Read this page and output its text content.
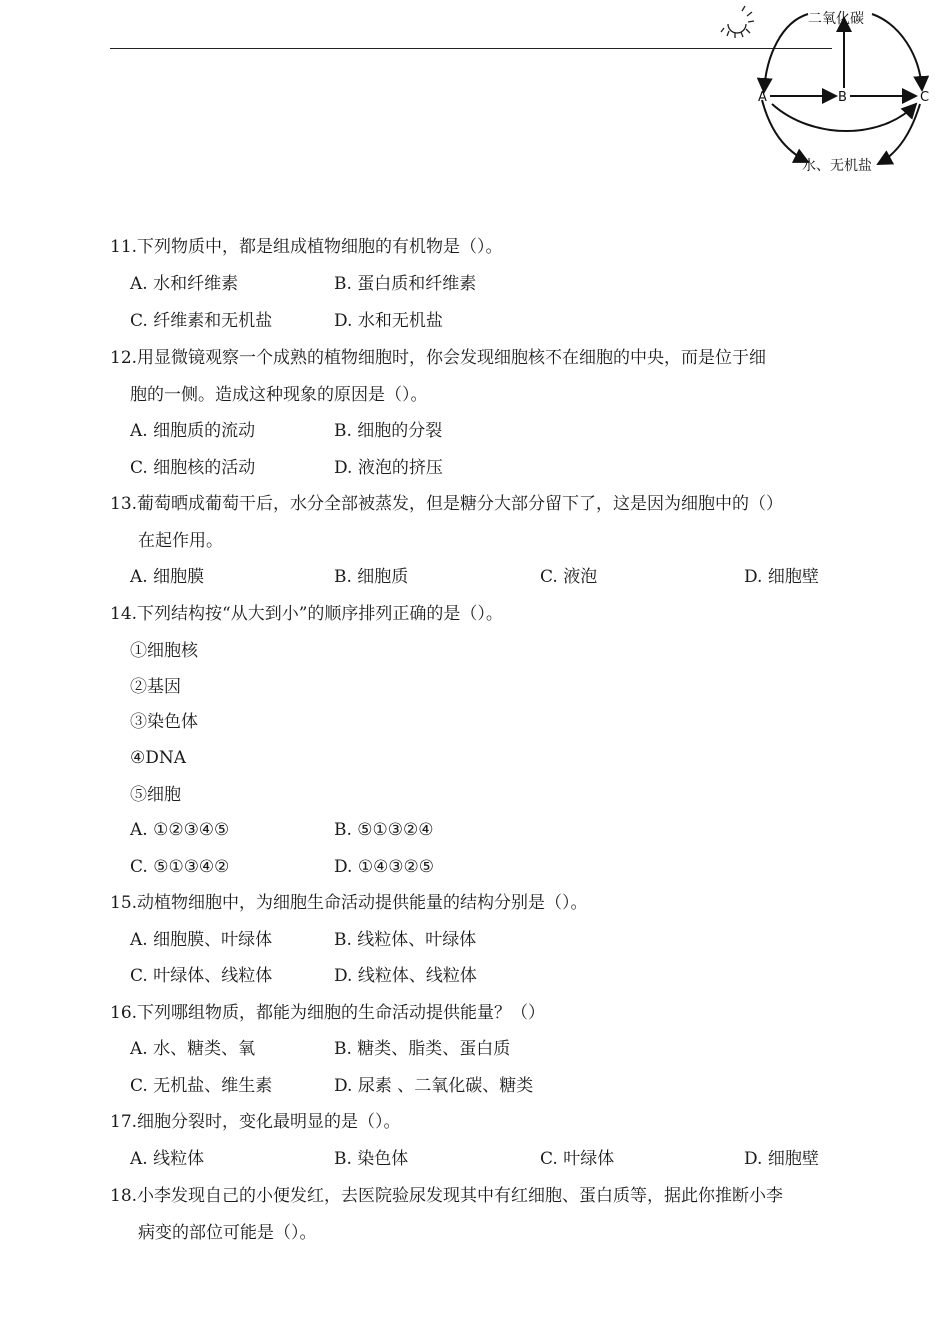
二氧化碳
A	B	C
水、无机盐
11.下列物质中，都是组成植物细胞的有机物是（）。
A. 水和纤维素	B. 蛋白质和纤维素
C. 纤维素和无机盐	D. 水和无机盐
12.用显微镜观察一个成熟的植物细胞时，你会发现细胞核不在细胞的中央，而是位于细
胞的一侧。造成这种现象的原因是（）。
A. 细胞质的流动	B. 细胞的分裂
C. 细胞核的活动	D. 液泡的挤压
13.葡萄晒成葡萄干后，水分全部被蒸发，但是糖分大部分留下了，这是因为细胞中的（）
在起作用。
A. 细胞膜	B. 细胞质	C. 液泡	D. 细胞壁
14.下列结构按“从大到小”的顺序排列正确的是（）。
①细胞核
②基因
③染色体
④DNA
⑤细胞
A. ①②③④⑤	B. ⑤①③②④
C. ⑤①③④②	D. ①④③②⑤
15.动植物细胞中，为细胞生命活动提供能量的结构分别是（）。
A. 细胞膜、叶绿体	B. 线粒体、叶绿体
C. 叶绿体、线粒体	D. 线粒体、线粒体
16.下列哪组物质，都能为细胞的生命活动提供能量？（）
A. 水、糖类、氧	B. 糖类、脂类、蛋白质
C. 无机盐、维生素	D. 尿素 、二氧化碳、糖类
17.细胞分裂时，变化最明显的是（）。
A. 线粒体	B. 染色体	C. 叶绿体	D. 细胞壁
18.小李发现自己的小便发红，去医院验尿发现其中有红细胞、蛋白质等，据此你推断小李
病变的部位可能是（）。
